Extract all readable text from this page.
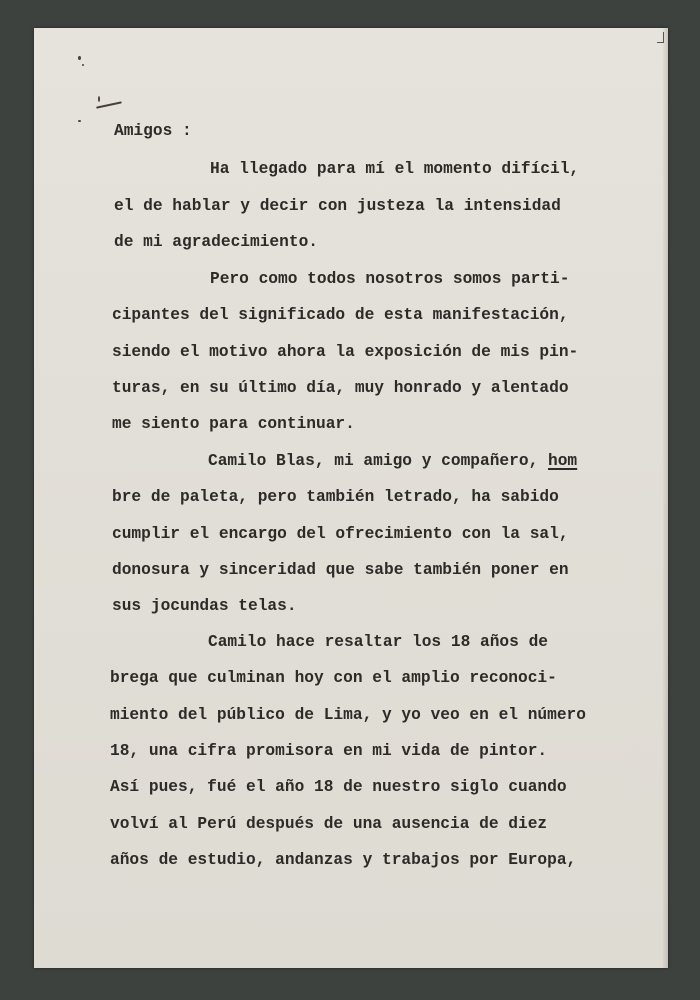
Amigos :

Ha llegado para mí el momento difícil,

el de hablar y decir con justeza la intensidad

de mi agradecimiento.

Pero como todos nosotros somos parti-

cipantes del significado de esta manifestación,

siendo el motivo ahora la exposición de mis pin-

turas, en su último día, muy honrado y alentado

me siento para continuar.

Camilo Blas, mi amigo y compañero, hom

bre de paleta, pero también letrado, ha sabido

cumplir el encargo del ofrecimiento con la sal,

donosura y sinceridad que sabe también poner en

sus jocundas telas.

Camilo hace resaltar los 18 años de

brega que culminan hoy con el amplio reconoci-

miento del público de Lima, y yo veo en el número

18, una cifra promisora en mi vida de pintor.

Así pues, fué el año 18 de nuestro siglo cuando

volví al Perú después de una ausencia de diez

años de estudio, andanzas y trabajos por Europa,
